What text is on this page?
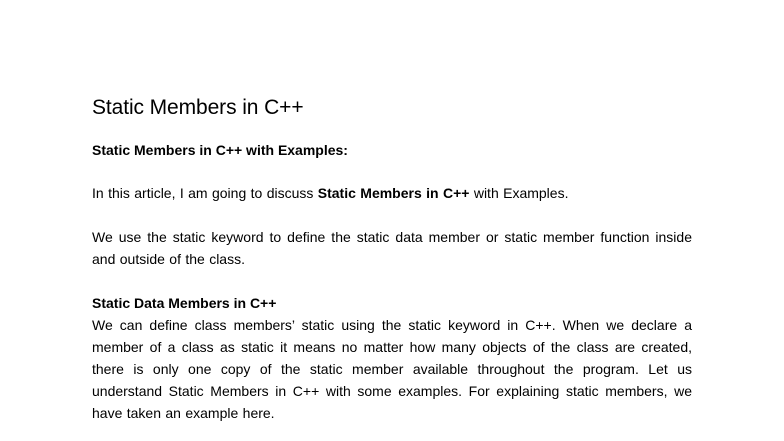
Static Members in C++
Static Members in C++ with Examples:
In this article, I am going to discuss Static Members in C++ with Examples.
We use the static keyword to define the static data member or static member function inside and outside of the class.
Static Data Members in C++
We can define class members’ static using the static keyword in C++. When we declare a member of a class as static it means no matter how many objects of the class are created, there is only one copy of the static member available throughout the program. Let us understand Static Members in C++ with some examples. For explaining static members, we have taken an example here.
